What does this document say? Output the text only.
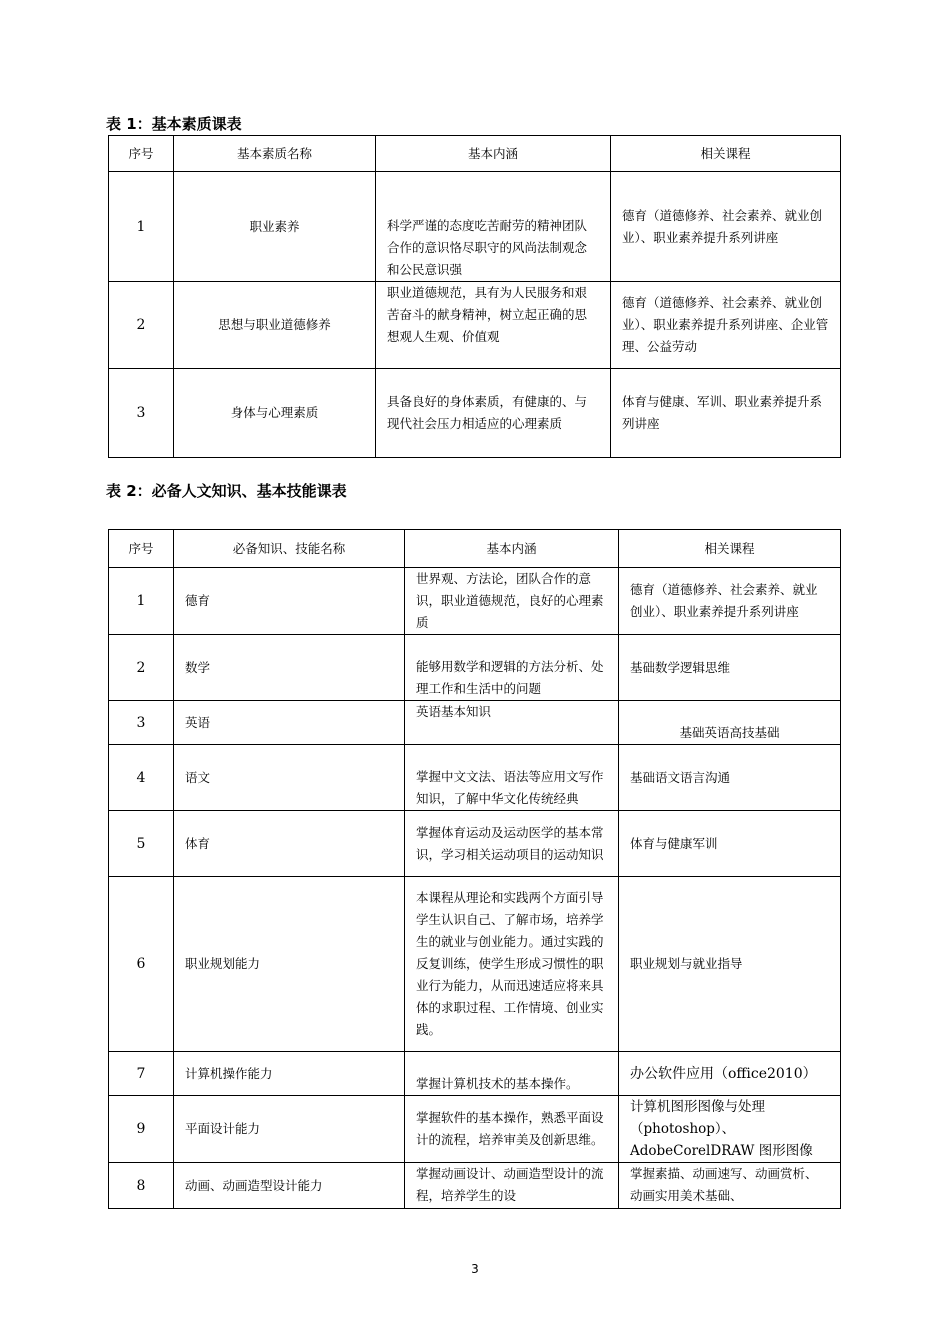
表 1：基本素质课表
序号	基本素质名称	基本内涵	相关课程
1	职业素养	科学严谨的态度吃苦耐劳的精神团队合作的意识恪尽职守的风尚法制观念和公民意识强	德育（道德修养、社会素养、就业创业）、职业素养提升系列讲座
2	思想与职业道德修养	职业道德规范，具有为人民服务和艰苦奋斗的献身精神，树立起正确的思想观人生观、价值观	德育（道德修养、社会素养、就业创业）、职业素养提升系列讲座、企业管理、公益劳动
3	身体与心理素质	具备良好的身体素质，有健康的、与现代社会压力相适应的心理素质	体育与健康、军训、职业素养提升系列讲座
表 2：必备人文知识、基本技能课表
序号	必备知识、技能名称	基本内涵	相关课程
1	德育	世界观、方法论，团队合作的意识，职业道德规范，良好的心理素质	德育（道德修养、社会素养、就业创业）、职业素养提升系列讲座
2	数学	能够用数学和逻辑的方法分析、处理工作和生活中的问题	基础数学逻辑思维
3	英语	英语基本知识	基础英语高技基础
4	语文	掌握中文文法、语法等应用文写作知识，了解中华文化传统经典	基础语文语言沟通
5	体育	掌握体育运动及运动医学的基本常识，学习相关运动项目的运动知识	体育与健康军训
6	职业规划能力	本课程从理论和实践两个方面引导学生认识自己、了解市场，培养学生的就业与创业能力。通过实践的反复训练，使学生形成习惯性的职业行为能力，从而迅速适应将来具体的求职过程、工作情境、创业实践。	职业规划与就业指导
7	计算机操作能力	掌握计算机技术的基本操作。	办公软件应用（office2010）
9	平面设计能力	掌握软件的基本操作，熟悉平面设计的流程，培养审美及创新思维。	计算机图形图像与处理（photoshop）、AdobeCorelDRAW 图形图像
8	动画、动画造型设计能力	掌握动画设计、动画造型设计的流程，培养学生的设	掌握素描、动画速写、动画赏析、动画实用美术基础、
3
